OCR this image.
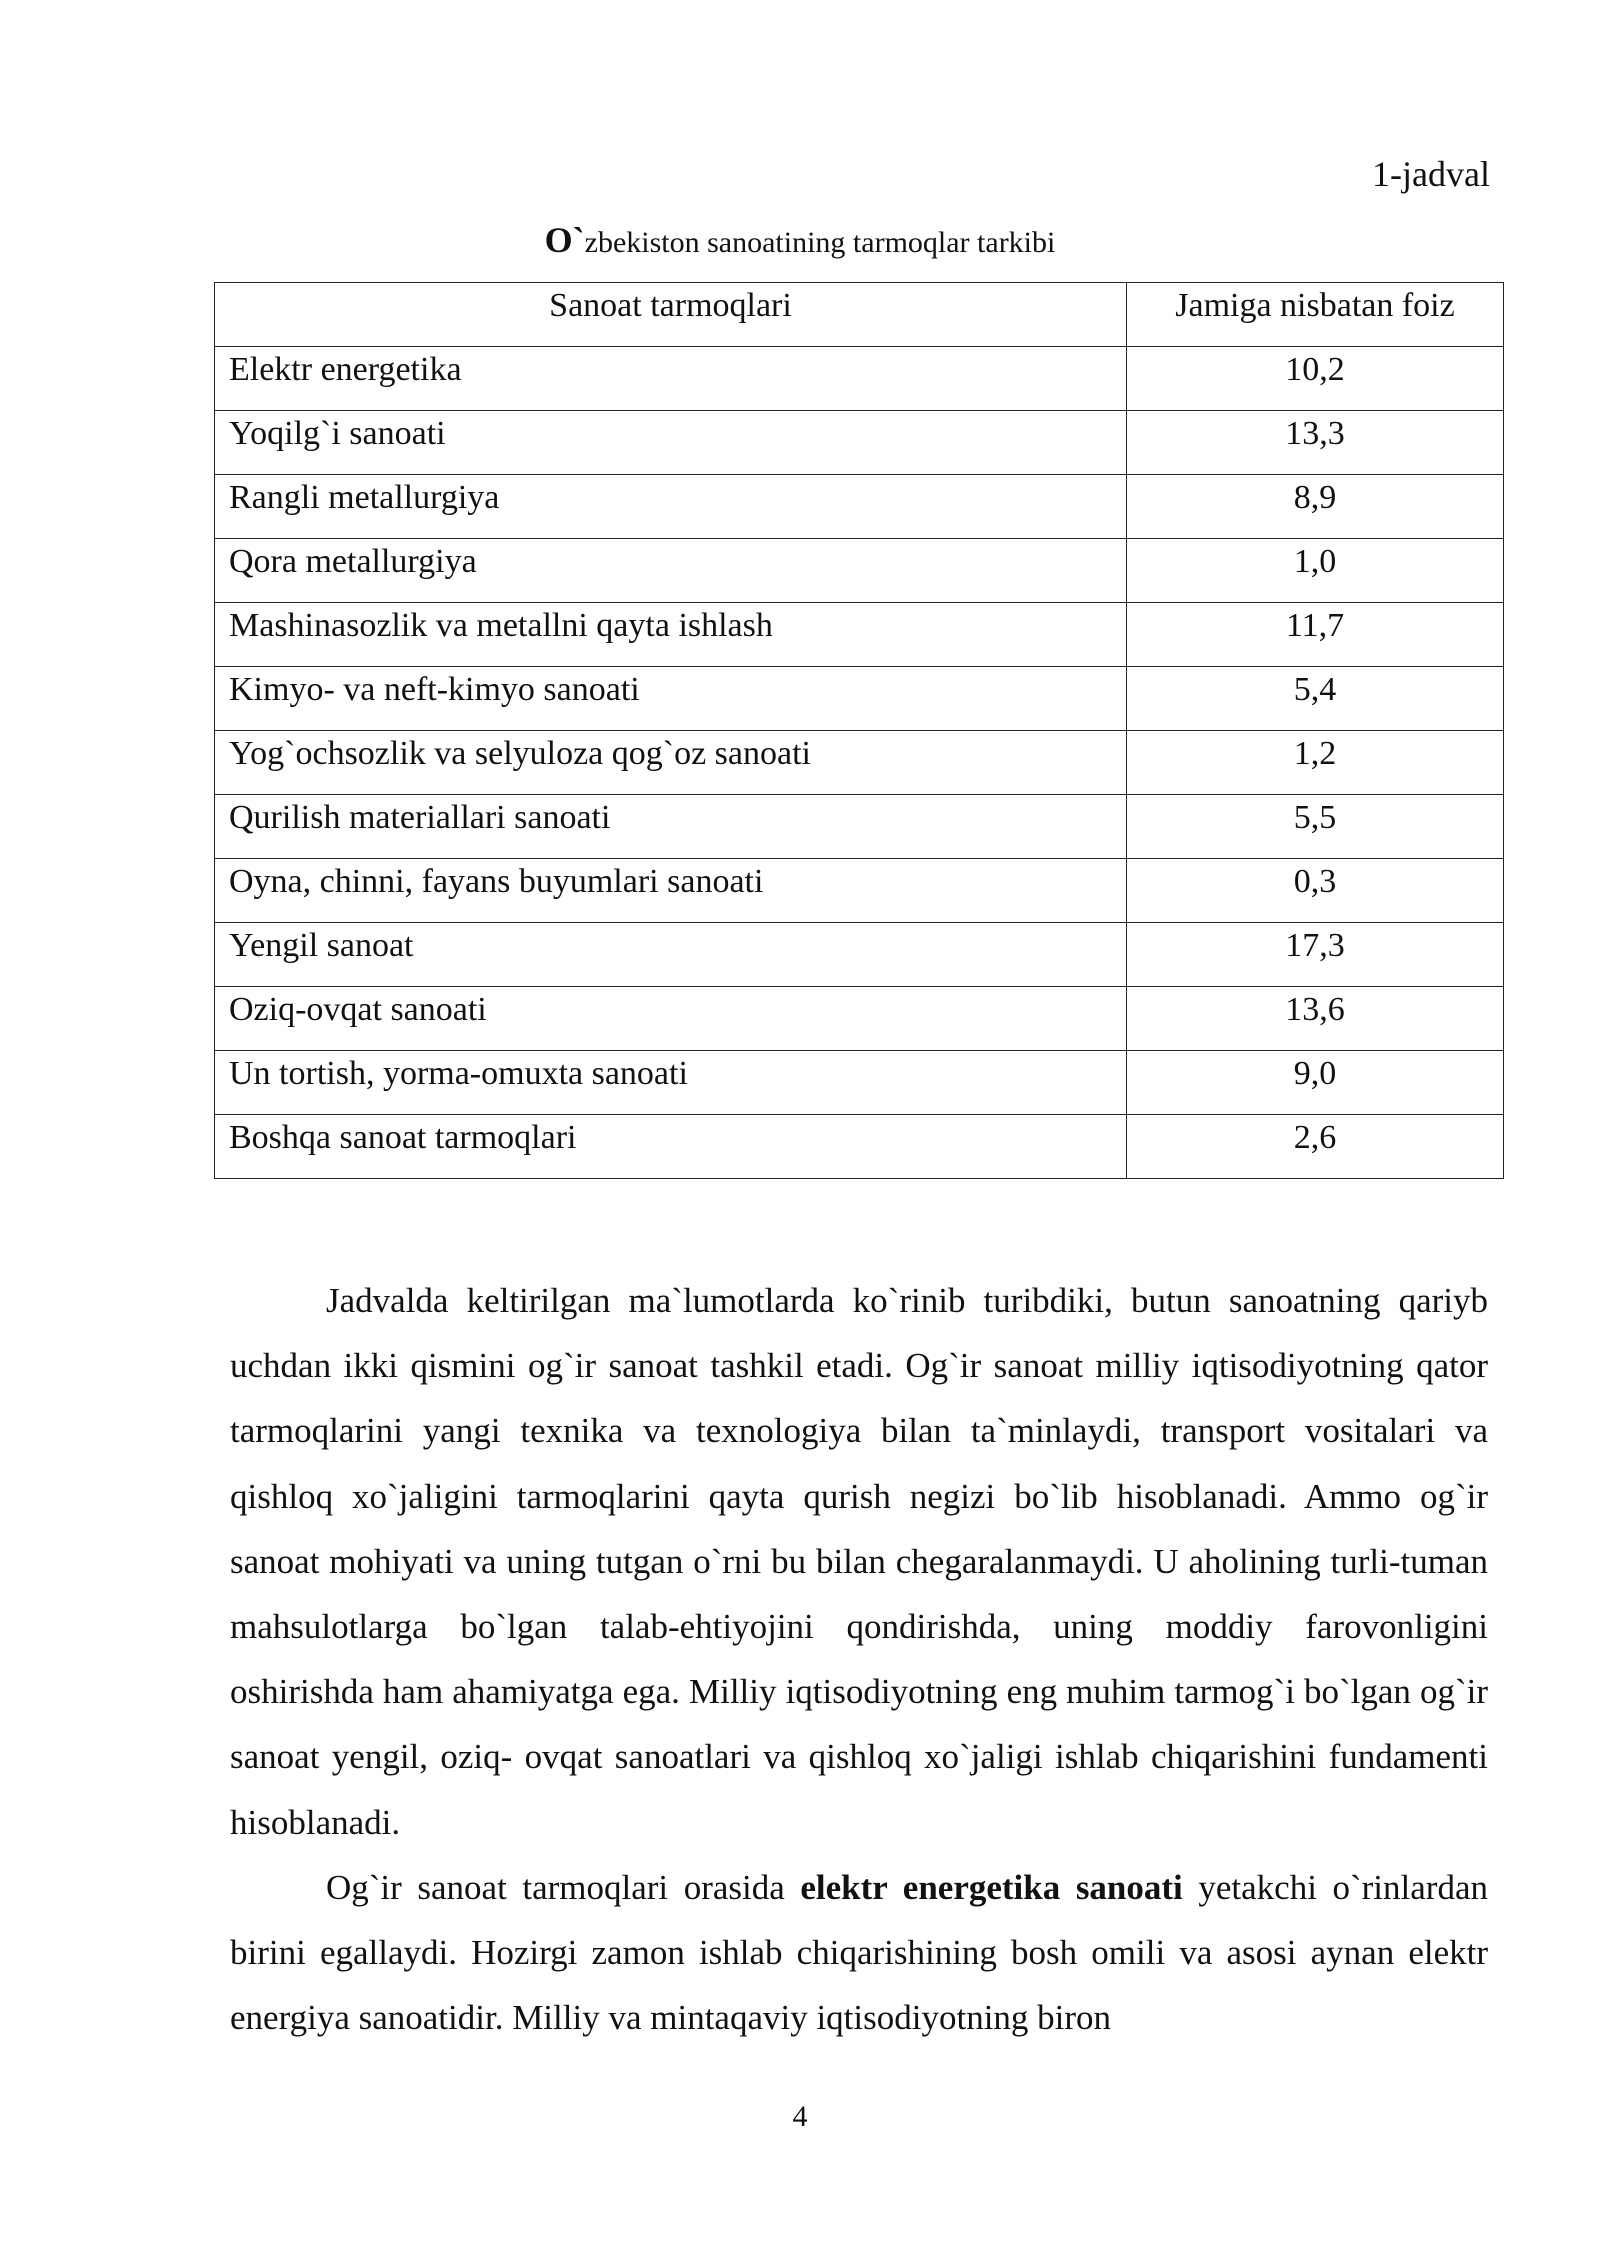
1-jadval
O`zbekiston sanoatining tarmoqlar tarkibi
Sanoat tarmoqlari	Jamiga nisbatan foiz
Elektr energetika	10,2
Yoqilg`i sanoati	13,3
Rangli metallurgiya	8,9
Qora metallurgiya	1,0
Mashinasozlik va metallni qayta ishlash	11,7
Kimyo- va neft-kimyo sanoati	5,4
Yog`ochsozlik va selyuloza qog`oz sanoati	1,2
Qurilish materiallari sanoati	5,5
Oyna, chinni, fayans buyumlari sanoati	0,3
Yengil sanoat	17,3
Oziq-ovqat sanoati	13,6
Un tortish, yorma-omuxta sanoati	9,0
Boshqa sanoat tarmoqlari	2,6

Jadvalda keltirilgan ma`lumotlarda ko`rinib turibdiki, butun sanoatning qariyb uchdan ikki qismini og`ir sanoat tashkil etadi. Og`ir sanoat milliy iqtisodiyotning qator tarmoqlarini yangi texnika va texnologiya bilan ta`minlaydi, transport vositalari va qishloq xo`jaligini tarmoqlarini qayta qurish negizi bo`lib hisoblanadi. Ammo og`ir sanoat mohiyati va uning tutgan o`rni bu bilan chegaralanmaydi. U aholining turli-tuman mahsulotlarga bo`lgan talab-ehtiyojini qondirishda, uning moddiy farovonligini oshirishda ham ahamiyatga ega. Milliy iqtisodiyotning eng muhim tarmog`i bo`lgan og`ir sanoat yengil, oziq- ovqat sanoatlari va qishloq xo`jaligi ishlab chiqarishini fundamenti hisoblanadi.

Og`ir sanoat tarmoqlari orasida elektr energetika sanoati yetakchi o`rinlardan birini egallaydi. Hozirgi zamon ishlab chiqarishining bosh omili va asosi aynan elektr energiya sanoatidir. Milliy va mintaqaviy iqtisodiyotning biron

4
